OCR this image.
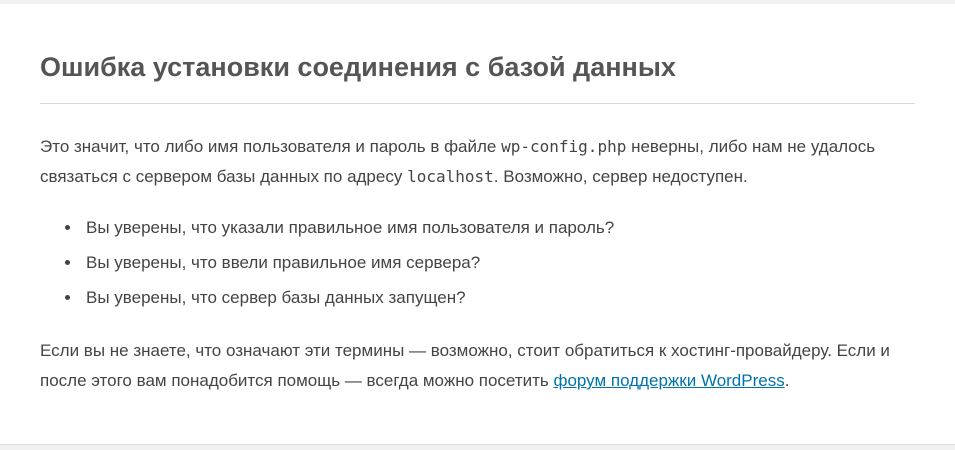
Ошибка установки соединения с базой данных

Это значит, что либо имя пользователя и пароль в файле wp-config.php неверны, либо нам не удалось связаться с сервером базы данных по адресу localhost. Возможно, сервер недоступен.

• Вы уверены, что указали правильное имя пользователя и пароль?
• Вы уверены, что ввели правильное имя сервера?
• Вы уверены, что сервер базы данных запущен?

Если вы не знаете, что означают эти термины — возможно, стоит обратиться к хостинг-провайдеру. Если и после этого вам понадобится помощь — всегда можно посетить форум поддержки WordPress.
